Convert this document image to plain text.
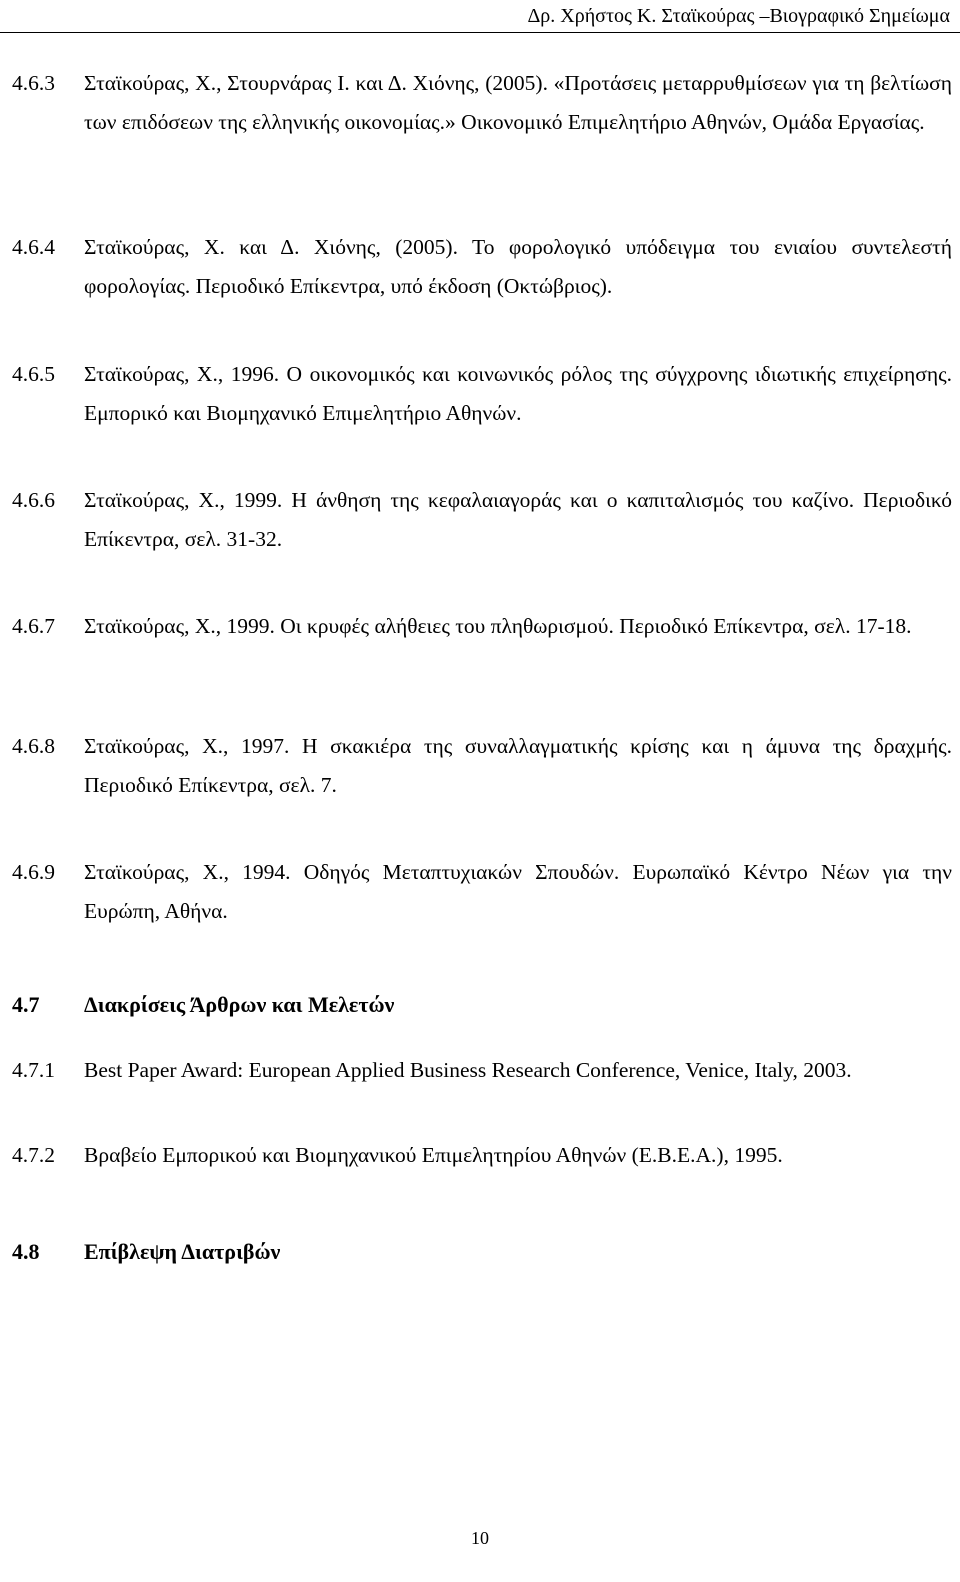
Δρ. Χρήστος Κ. Σταϊκούρας –Βιογραφικό Σημείωμα
4.6.3	Σταϊκούρας, Χ., Στουρνάρας Ι. και Δ. Χιόνης, (2005). «Προτάσεις μεταρρυθμίσεων για τη βελτίωση των επιδόσεων της ελληνικής οικονομίας.» Οικονομικό Επιμελητήριο Αθηνών, Ομάδα Εργασίας.
4.6.4	Σταϊκούρας, Χ. και Δ. Χιόνης, (2005). Το φορολογικό υπόδειγμα του ενιαίου συντελεστή φορολογίας. Περιοδικό Επίκεντρα, υπό έκδοση (Οκτώβριος).
4.6.5	Σταϊκούρας, Χ., 1996. Ο οικονομικός και κοινωνικός ρόλος της σύγχρονης ιδιωτικής επιχείρησης. Εμπορικό και Βιομηχανικό Επιμελητήριο Αθηνών.
4.6.6	Σταϊκούρας, Χ., 1999. Η άνθηση της κεφαλαιαγοράς και ο καπιταλισμός του καζίνο. Περιοδικό Επίκεντρα, σελ. 31-32.
4.6.7	Σταϊκούρας, Χ., 1999. Οι κρυφές αλήθειες του πληθωρισμού. Περιοδικό Επίκεντρα, σελ. 17-18.
4.6.8	Σταϊκούρας, Χ., 1997. Η σκακιέρα της συναλλαγματικής κρίσης και η άμυνα της δραχμής. Περιοδικό Επίκεντρα, σελ. 7.
4.6.9	Σταϊκούρας, Χ., 1994. Οδηγός Μεταπτυχιακών Σπουδών. Ευρωπαϊκό Κέντρο Νέων για την Ευρώπη, Αθήνα.
4.7 Διακρίσεις Άρθρων και Μελετών
4.7.1	Best Paper Award: European Applied Business Research Conference, Venice, Italy, 2003.
4.7.2	Βραβείο Εμπορικού και Βιομηχανικού Επιμελητηρίου Αθηνών (Ε.Β.Ε.Α.), 1995.
4.8 Επίβλεψη Διατριβών
10
